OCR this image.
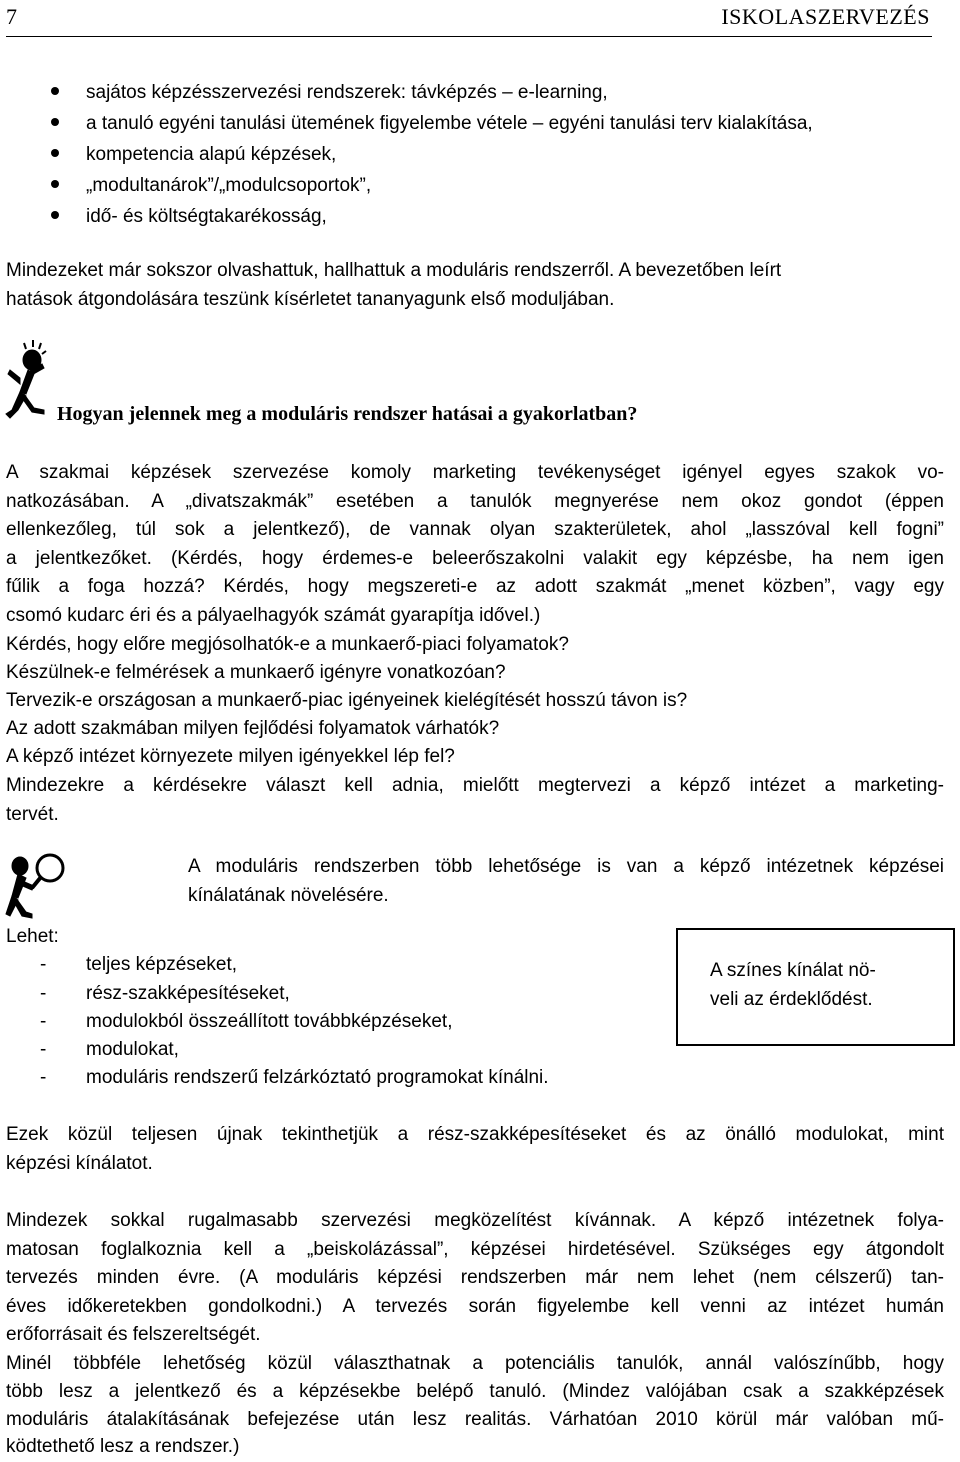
7	ISKOLASZERVEZÉS
sajátos képzésszervezési rendszerek: távképzés – e-learning,
a tanuló egyéni tanulási ütemének figyelembe vétele – egyéni tanulási terv kialakítása,
kompetencia alapú képzések,
„modultanárok”/„modulcsoportok”,
idő- és költségtakarékosság,
Mindezeket már sokszor olvashattuk, hallhattuk a moduláris rendszerről. A bevezetőben leírt
hatások átgondolására teszünk kísérletet tananyagunk első moduljában.
Hogyan jelennek meg a moduláris rendszer hatásai a gyakorlatban?
A szakmai képzések szervezése komoly marketing tevékenységet igényel egyes szakok vo-
natkozásában. A „divatszakmák” esetében a tanulók megnyerése nem okoz gondot (éppen
ellenkezőleg, túl sok a jelentkező), de vannak olyan szakterületek, ahol „lasszóval kell fogni”
a jelentkezőket. (Kérdés, hogy érdemes-e beleerőszakolni valakit egy képzésbe, ha nem igen
fűlik a foga hozzá? Kérdés, hogy megszereti-e az adott szakmát „menet közben”, vagy egy
csomó kudarc éri és a pályaelhagyók számát gyarapítja idővel.)
Kérdés, hogy előre megjósolhatók-e a munkaerő-piaci folyamatok?
Készülnek-e felmérések a munkaerő igényre vonatkozóan?
Tervezik-e országosan a munkaerő-piac igényeinek kielégítését hosszú távon is?
Az adott szakmában milyen fejlődési folyamatok várhatók?
A képző intézet környezete milyen igényekkel lép fel?
Mindezekre a kérdésekre választ kell adnia, mielőtt megtervezi a képző intézet a marketing-
tervét.
A moduláris rendszerben több lehetősége is van a képző intézetnek képzései
kínálatának növelésére.
Lehet:
- teljes képzéseket,
- rész-szakképesítéseket,
- modulokból összeállított továbbképzéseket,
- modulokat,
- moduláris rendszerű felzárkóztató programokat kínálni.
A színes kínálat nö-
veli az érdeklődést.
Ezek közül teljesen újnak tekinthetjük a rész-szakképesítéseket és az önálló modulokat, mint
képzési kínálatot.
Mindezek sokkal rugalmasabb szervezési megközelítést kívánnak. A képző intézetnek folya-
matosan foglalkoznia kell a „beiskolázással”, képzései hirdetésével. Szükséges egy átgondolt
tervezés minden évre. (A moduláris képzési rendszerben már nem lehet (nem célszerű) tan-
éves időkeretekben gondolkodni.) A tervezés során figyelembe kell venni az intézet humán
erőforrásait és felszereltségét.
Minél többféle lehetőség közül választhatnak a potenciális tanulók, annál valószínűbb, hogy
több lesz a jelentkező és a képzésekbe belépő tanuló. (Mindez valójában csak a szakképzések
moduláris átalakításának befejezése után lesz realitás. Várhatóan 2010 körül már valóban mű-
ködtethető lesz a rendszer.)
